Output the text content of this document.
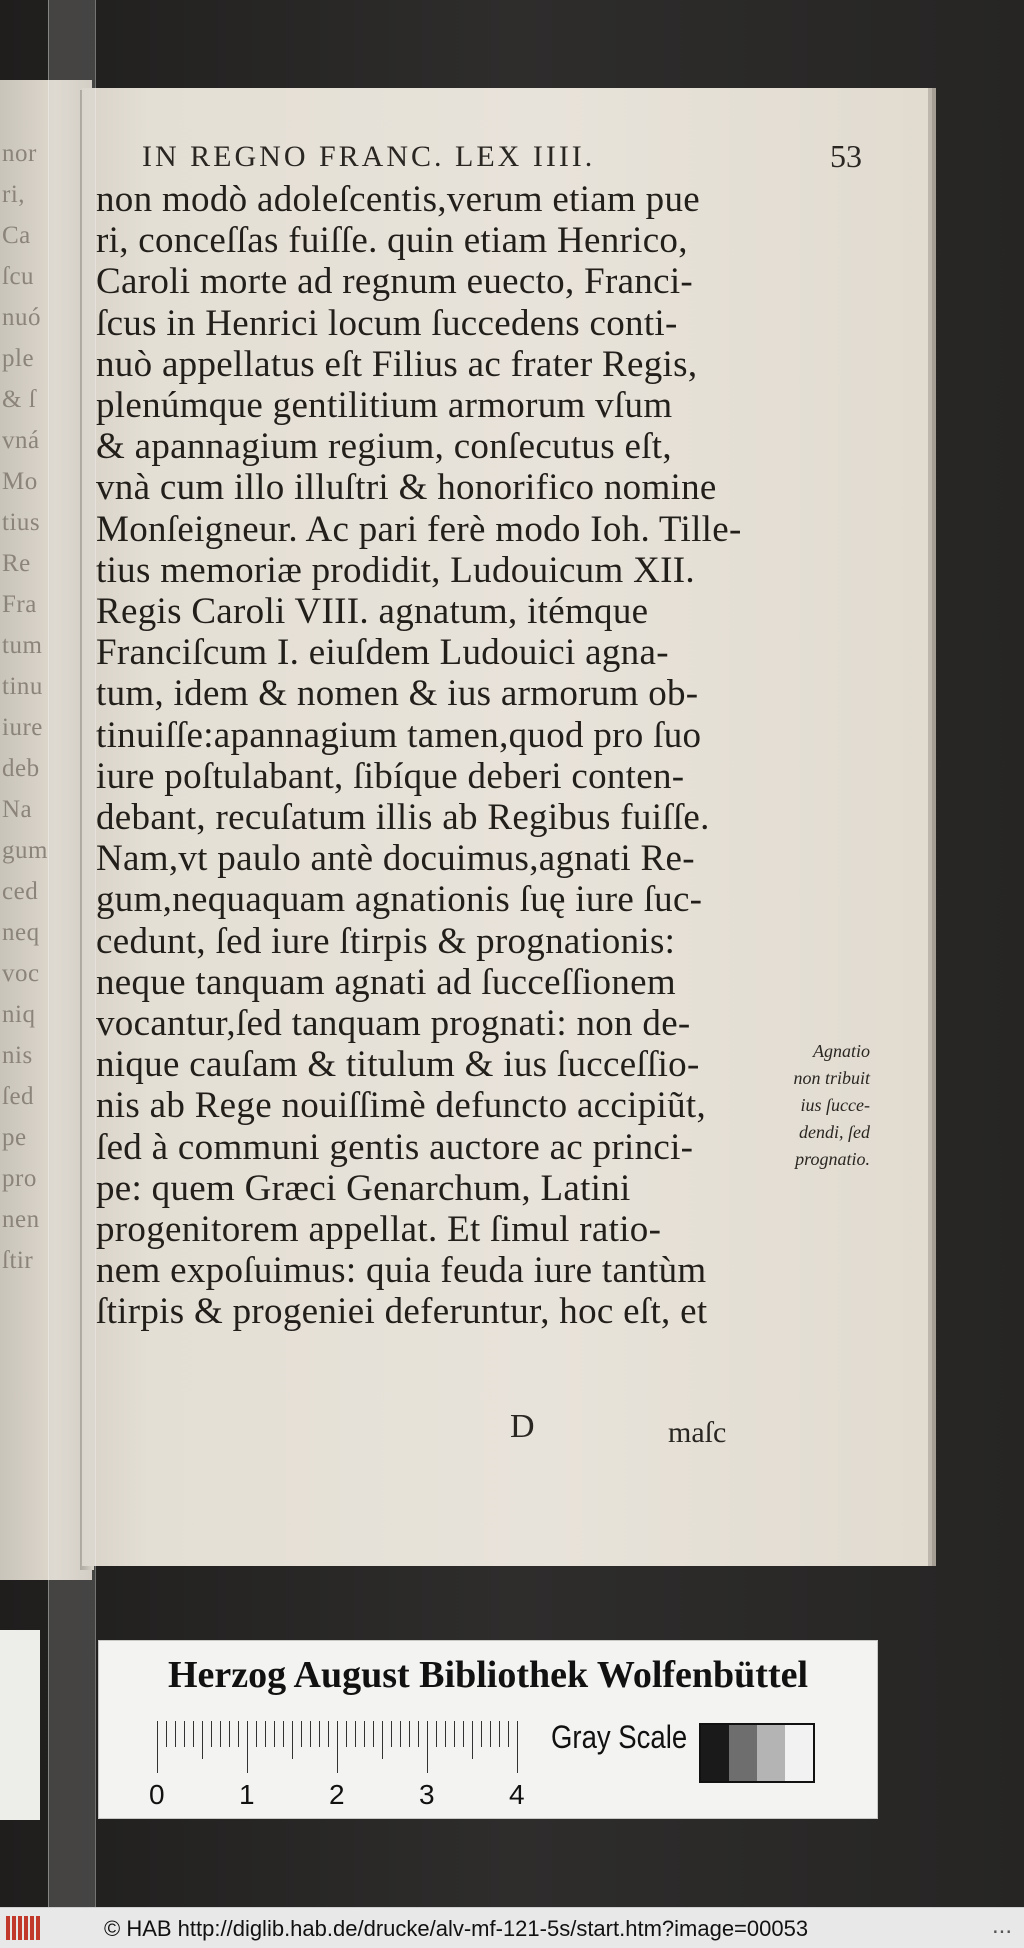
nor
ri,
Ca
ſcu
nuó
ple
& ſ
vná
Mo
tius
Re
Fra
tum
tinu
iure
deb
Na
gum
ced
neq
voc
niq
nis
ſed
pe
pro
nen
ſtir
IN REGNO FRANC. LEX IIII.	53
non modò adoleſcentis,verum etiam pue
ri, conceſſas fuiſſe. quin etiam Henrico,
Caroli morte ad regnum euecto, Franci-
ſcus in Henrici locum ſuccedens conti-
nuò appellatus eſt Filius ac frater Regis,
plenúmque gentilitium armorum vſum
& apannagium regium, conſecutus eſt,
vnà cum illo illuſtri & honorifico nomine
Monſeigneur. Ac pari ferè modo Ioh. Tille-
tius memoriæ prodidit, Ludouicum XII.
Regis Caroli VIII. agnatum, itémque
Franciſcum I. eiuſdem Ludouici agna-
tum, idem & nomen & ius armorum ob-
tinuiſſe:apannagium tamen,quod pro ſuo
iure poſtulabant, ſibíque deberi conten-
debant, recuſatum illis ab Regibus fuiſſe.
Nam,vt paulo antè docuimus,agnati Re-
gum,nequaquam agnationis ſuę iure ſuc-
cedunt, ſed iure ſtirpis & prognationis:
neque tanquam agnati ad ſucceſſionem
vocantur,ſed tanquam prognati: non de-
nique cauſam & titulum & ius ſucceſſio-
nis ab Rege nouiſſimè defuncto accipiũt,
ſed à communi gentis auctore ac princi-
pe: quem Græci Genarchum, Latini
progenitorem appellat. Et ſimul ratio-
nem expoſuimus: quia feuda iure tantùm
ſtirpis & progeniei deferuntur, hoc eſt, et
Agnatio
non tribuit
ius ſucce-
dendi, ſed
prognatio.
D	maſc
Herzog August Bibliothek Wolfenbüttel
0	1	2	3	4
Gray Scale
© HAB http://diglib.hab.de/drucke/alv-mf-121-5s/start.htm?image=00053	...
